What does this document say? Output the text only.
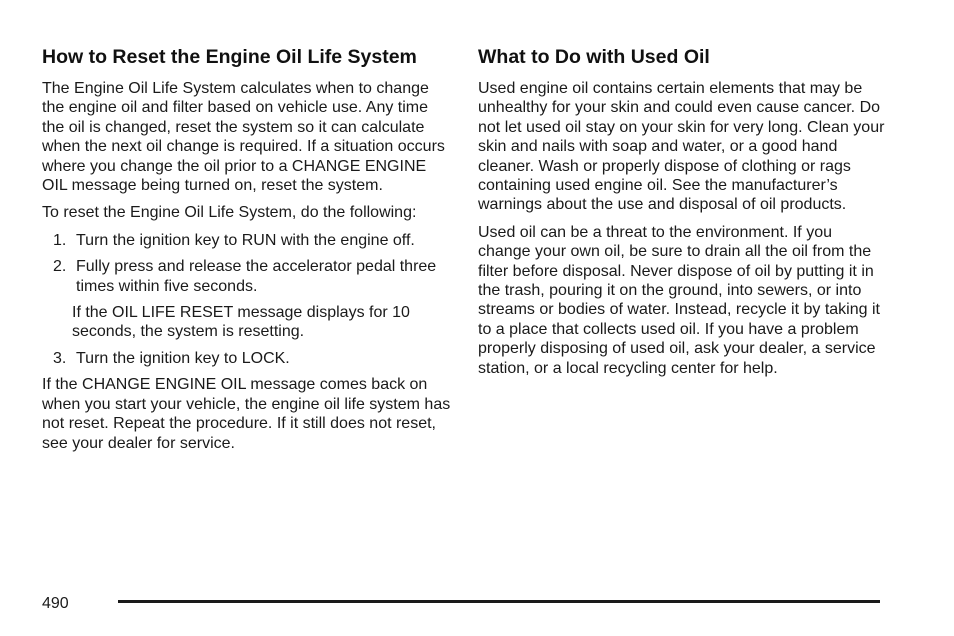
How to Reset the Engine Oil Life System

The Engine Oil Life System calculates when to change the engine oil and filter based on vehicle use. Any time the oil is changed, reset the system so it can calculate when the next oil change is required. If a situation occurs where you change the oil prior to a CHANGE ENGINE OIL message being turned on, reset the system.

To reset the Engine Oil Life System, do the following:

1. Turn the ignition key to RUN with the engine off.
2. Fully press and release the accelerator pedal three times within five seconds.
If the OIL LIFE RESET message displays for 10 seconds, the system is resetting.
3. Turn the ignition key to LOCK.

If the CHANGE ENGINE OIL message comes back on when you start your vehicle, the engine oil life system has not reset. Repeat the procedure. If it still does not reset, see your dealer for service.

What to Do with Used Oil

Used engine oil contains certain elements that may be unhealthy for your skin and could even cause cancer. Do not let used oil stay on your skin for very long. Clean your skin and nails with soap and water, or a good hand cleaner. Wash or properly dispose of clothing or rags containing used engine oil. See the manufacturer’s warnings about the use and disposal of oil products.

Used oil can be a threat to the environment. If you change your own oil, be sure to drain all the oil from the filter before disposal. Never dispose of oil by putting it in the trash, pouring it on the ground, into sewers, or into streams or bodies of water. Instead, recycle it by taking it to a place that collects used oil. If you have a problem properly disposing of used oil, ask your dealer, a service station, or a local recycling center for help.

490
